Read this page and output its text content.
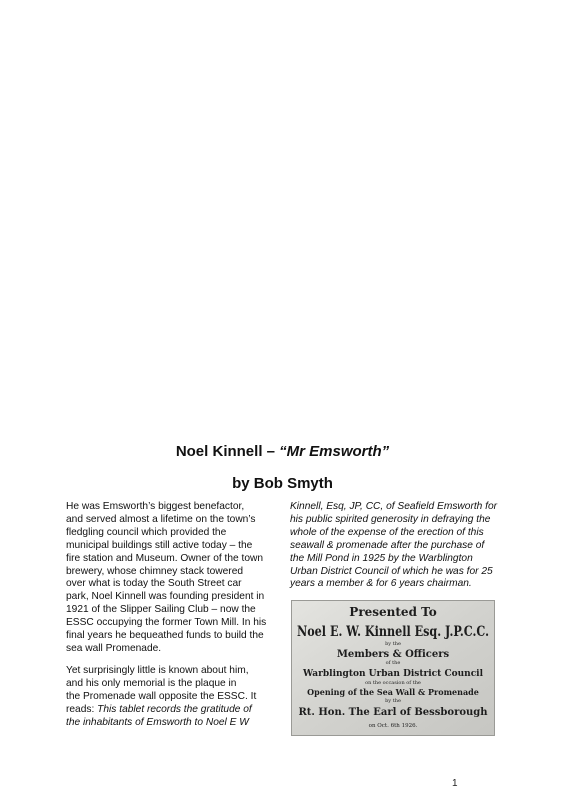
Noel Kinnell – “Mr Emsworth”
by Bob Smyth

He was Emsworth’s biggest benefactor,
and served almost a lifetime on the town’s
fledgling council which provided the
municipal buildings still active today – the
fire station and Museum. Owner of the town
brewery, whose chimney stack towered
over what is today the South Street car
park, Noel Kinnell was founding president in
1921 of the Slipper Sailing Club – now the
ESSC occupying the former Town Mill. In his
final years he bequeathed funds to build the
sea wall Promenade.

Yet surprisingly little is known about him,
and his only memorial is the plaque in
the Promenade wall opposite the ESSC. It
reads: This tablet records the gratitude of
the inhabitants of Emsworth to Noel E W

Kinnell, Esq, JP, CC, of Seafield Emsworth for
his public spirited generosity in defraying the
whole of the expense of the erection of this
seawall & promenade after the purchase of
the Mill Pond in 1925 by the Warblington
Urban District Council of which he was for 25
years a member & for 6 years chairman.

Presented To
Noel E. W. Kinnell Esq. J.P.C.C.
by the
Members & Officers
of the
Warblington Urban District Council
on the occasion of the
Opening of the Sea Wall & Promenade
by the
Rt. Hon. The Earl of Bessborough
on Oct. 6th 1926.
1
